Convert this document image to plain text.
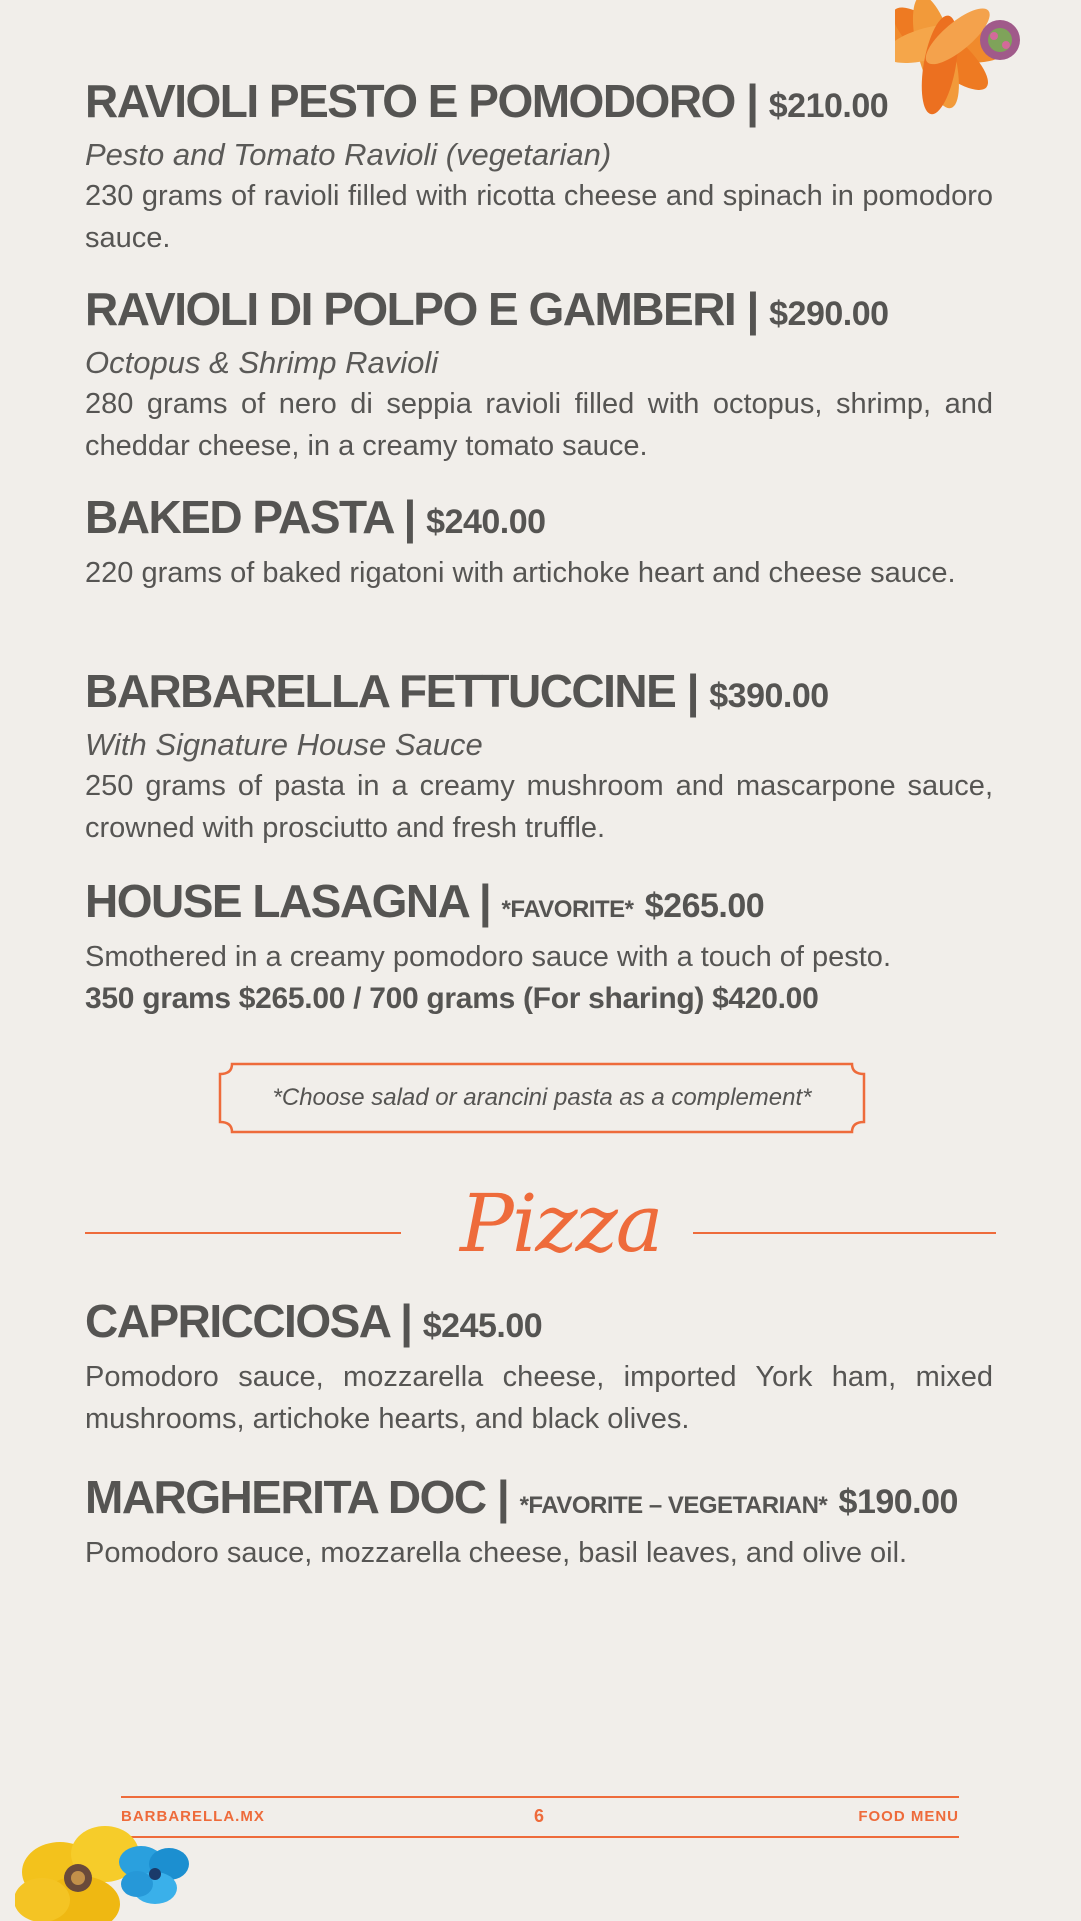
RAVIOLI PESTO E POMODORO | $210.00
Pesto and Tomato Ravioli (vegetarian)
230 grams of ravioli filled with ricotta cheese and spinach in pomodoro sauce.
RAVIOLI DI POLPO E GAMBERI | $290.00
Octopus & Shrimp Ravioli
280 grams of nero di seppia ravioli filled with octopus, shrimp, and cheddar cheese, in a creamy tomato sauce.
BAKED PASTA | $240.00
220 grams of baked rigatoni with artichoke heart and cheese sauce.
BARBARELLA FETTUCCINE | $390.00
With Signature House Sauce
250 grams of pasta in a creamy mushroom and mascarpone sauce, crowned with prosciutto and fresh truffle.
HOUSE LASAGNA | *FAVORITE* $265.00
Smothered in a creamy pomodoro sauce with a touch of pesto.
350 grams $265.00 / 700 grams (For sharing) $420.00
*Choose salad or arancini pasta as a complement*
Pizza
CAPRICCIOSA | $245.00
Pomodoro sauce, mozzarella cheese, imported York ham, mixed mushrooms, artichoke hearts, and black olives.
MARGHERITA DOC | *FAVORITE – VEGETARIAN* $190.00
Pomodoro sauce, mozzarella cheese, basil leaves, and olive oil.
BARBARELLA.MX	6	FOOD MENU
